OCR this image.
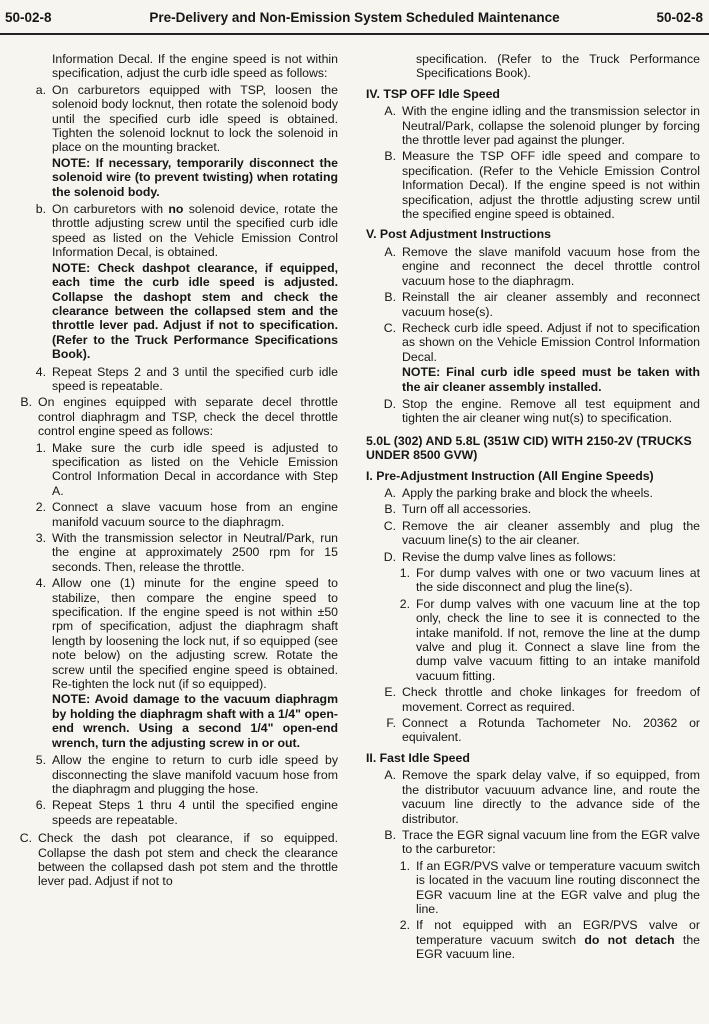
50-02-8	Pre-Delivery and Non-Emission System Scheduled Maintenance	50-02-8
Information Decal. If the engine speed is not within specification, adjust the curb idle speed as follows:
a. On carburetors equipped with TSP, loosen the solenoid body locknut, then rotate the solenoid body until the specified curb idle speed is obtained. Tighten the solenoid locknut to lock the solenoid in place on the mounting bracket.
NOTE: If necessary, temporarily disconnect the solenoid wire (to prevent twisting) when rotating the solenoid body.
b. On carburetors with no solenoid device, rotate the throttle adjusting screw until the specified curb idle speed as listed on the Vehicle Emission Control Information Decal, is obtained.
NOTE: Check dashpot clearance, if equipped, each time the curb idle speed is adjusted. Collapse the dashopt stem and check the clearance between the collapsed stem and the throttle lever pad. Adjust if not to specification. (Refer to the Truck Performance Specifications Book).
4. Repeat Steps 2 and 3 until the specified curb idle speed is repeatable.
B. On engines equipped with separate decel throttle control diaphragm and TSP, check the decel throttle control engine speed as follows:
1. Make sure the curb idle speed is adjusted to specification as listed on the Vehicle Emission Control Information Decal in accordance with Step A.
2. Connect a slave vacuum hose from an engine manifold vacuum source to the diaphragm.
3. With the transmission selector in Neutral/Park, run the engine at approximately 2500 rpm for 15 seconds. Then, release the throttle.
4. Allow one (1) minute for the engine speed to stabilize, then compare the engine speed to specification. If the engine speed is not within ±50 rpm of specification, adjust the diaphragm shaft length by loosening the lock nut, if so equipped (see note below) on the adjusting screw. Rotate the screw until the specified engine speed is obtained. Re-tighten the lock nut (if so equipped).
NOTE: Avoid damage to the vacuum diaphragm by holding the diaphragm shaft with a 1/4" open-end wrench. Using a second 1/4" open-end wrench, turn the adjusting screw in or out.
5. Allow the engine to return to curb idle speed by disconnecting the slave manifold vacuum hose from the diaphragm and plugging the hose.
6. Repeat Steps 1 thru 4 until the specified engine speeds are repeatable.
C. Check the dash pot clearance, if so equipped. Collapse the dash pot stem and check the clearance between the collapsed dash pot stem and the throttle lever pad. Adjust if not to
specification. (Refer to the Truck Performance Specifications Book).
IV. TSP OFF Idle Speed
A. With the engine idling and the transmission selector in Neutral/Park, collapse the solenoid plunger by forcing the throttle lever pad against the plunger.
B. Measure the TSP OFF idle speed and compare to specification. (Refer to the Vehicle Emission Control Information Decal). If the engine speed is not within specification, adjust the throttle adjusting screw until the specified engine speed is obtained.
V. Post Adjustment Instructions
A. Remove the slave manifold vacuum hose from the engine and reconnect the decel throttle control vacuum hose to the diaphragm.
B. Reinstall the air cleaner assembly and reconnect vacuum hose(s).
C. Recheck curb idle speed. Adjust if not to specification as shown on the Vehicle Emission Control Information Decal.
NOTE: Final curb idle speed must be taken with the air cleaner assembly installed.
D. Stop the engine. Remove all test equipment and tighten the air cleaner wing nut(s) to specification.
5.0L (302) AND 5.8L (351W CID) WITH 2150-2V (TRUCKS UNDER 8500 GVW)
I. Pre-Adjustment Instruction (All Engine Speeds)
A. Apply the parking brake and block the wheels.
B. Turn off all accessories.
C. Remove the air cleaner assembly and plug the vacuum line(s) to the air cleaner.
D. Revise the dump valve lines as follows:
1. For dump valves with one or two vacuum lines at the side disconnect and plug the line(s).
2. For dump valves with one vacuum line at the top only, check the line to see it is connected to the intake manifold. If not, remove the line at the dump valve and plug it. Connect a slave line from the dump valve vacuum fitting to an intake manifold vacuum fitting.
E. Check throttle and choke linkages for freedom of movement. Correct as required.
F. Connect a Rotunda Tachometer No. 20362 or equivalent.
II. Fast Idle Speed
A. Remove the spark delay valve, if so equipped, from the distributor vacuuum advance line, and route the vacuum line directly to the advance side of the distributor.
B. Trace the EGR signal vacuum line from the EGR valve to the carburetor:
1. If an EGR/PVS valve or temperature vacuum switch is located in the vacuum line routing disconnect the EGR vacuum line at the EGR valve and plug the line.
2. If not equipped with an EGR/PVS valve or temperature vacuum switch do not detach the EGR vacuum line.
